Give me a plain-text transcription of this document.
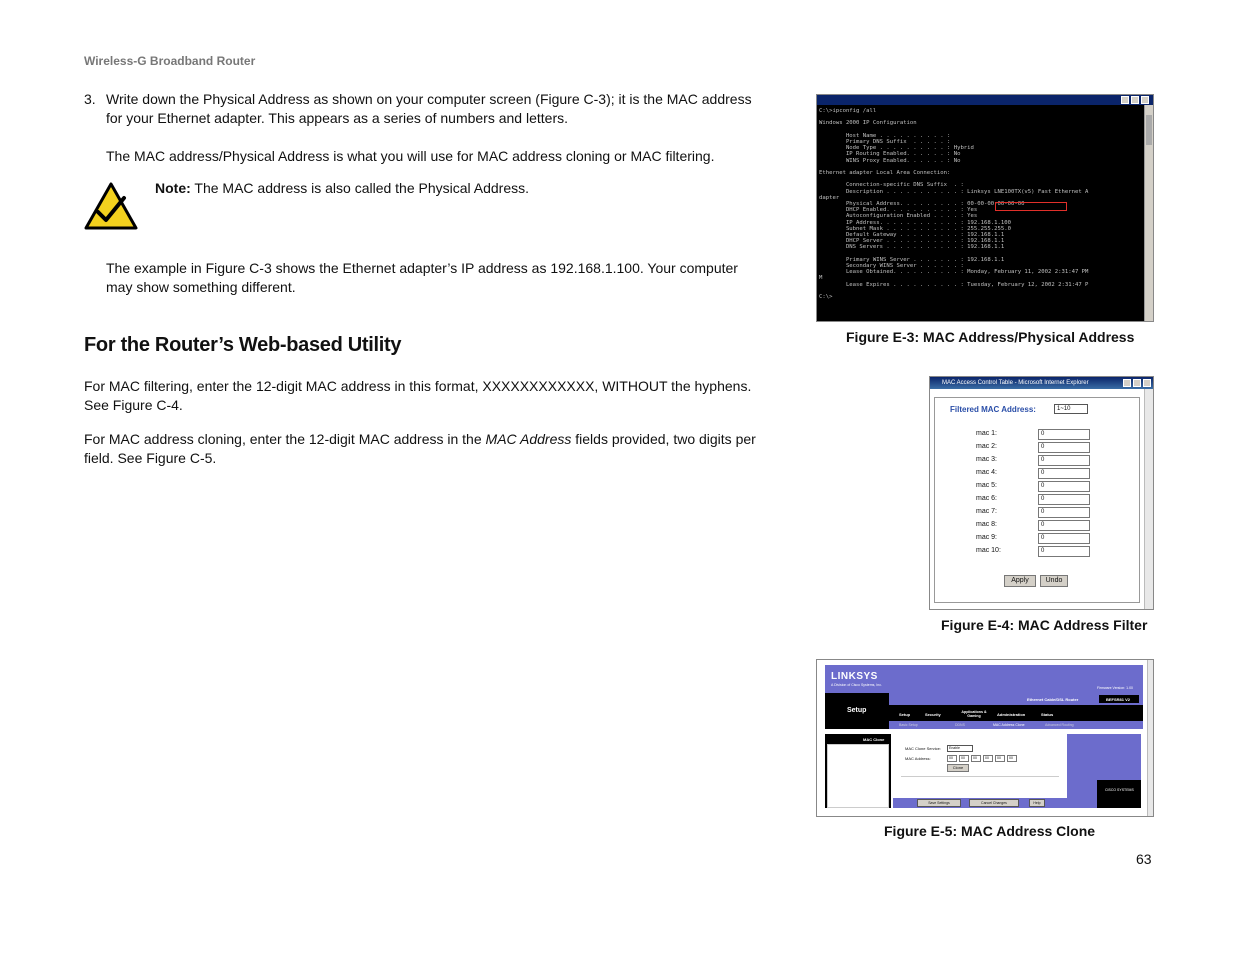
Wireless-G Broadband Router
3. Write down the Physical Address as shown on your computer screen (Figure C-3); it is the MAC address for your Ethernet adapter. This appears as a series of numbers and letters.
The MAC address/Physical Address is what you will use for MAC address cloning or MAC filtering.
Note: The MAC address is also called the Physical Address.
The example in Figure C-3 shows the Ethernet adapter’s IP address as 192.168.1.100. Your computer may show something different.
For the Router’s Web-based Utility
For MAC filtering, enter the 12-digit MAC address in this format, XXXXXXXXXXXX, WITHOUT the hyphens. See Figure C-4.
For MAC address cloning, enter the 12-digit MAC address in the MAC Address fields provided, two digits per field. See Figure C-5.
C:\>ipconfig /all

Windows 2000 IP Configuration

Host Name . . . . . . . . . . :
Primary DNS Suffix  . . . . . :
Node Type . . . . . . . . . . : Hybrid
IP Routing Enabled. . . . . . : No
WINS Proxy Enabled. . . . . . : No

Ethernet adapter Local Area Connection:

Connection-specific DNS Suffix  . :
Description . . . . . . . . . . . : Linksys LNE100TX(v5) Fast Ethernet A
dapter
Physical Address. . . . . . . . . : 00-00-00-00-00-00
DHCP Enabled. . . . . . . . . . . : Yes
Autoconfiguration Enabled . . . . : Yes
IP Address. . . . . . . . . . . . : 192.168.1.100
Subnet Mask . . . . . . . . . . . : 255.255.255.0
Default Gateway . . . . . . . . . : 192.168.1.1
DHCP Server . . . . . . . . . . . : 192.168.1.1
DNS Servers . . . . . . . . . . . : 192.168.1.1

Primary WINS Server . . . . . . . : 192.168.1.1
Secondary WINS Server . . . . . . :
Lease Obtained. . . . . . . . . . : Monday, February 11, 2002 2:31:47 PM
M
Lease Expires . . . . . . . . . . : Tuesday, February 12, 2002 2:31:47 P

C:\>
Figure E-3: MAC Address/Physical Address
MAC Access Control Table - Microsoft Internet Explorer
Filtered MAC Address:	1~10
mac 1:	0
mac 2:	0
mac 3:	0
mac 4:	0
mac 5:	0
mac 6:	0
mac 7:	0
mac 8:	0
mac 9:	0
mac 10:	0
Apply	Undo
Figure E-4: MAC Address Filter
LINKSYS
A Division of Cisco Systems, Inc.
Firmware Version: 1.00
Setup
Ethernet Cable/DSL Router	BEFSR81 V2
Setup	Security	Applications & Gaming	Administration	Status
Basic Setup	DDNS	MAC Address Clone	Advanced Routing
MAC Clone
MAC Clone Service:	Enable
MAC Address:	00	00	00	00	00	00
Clone
CISCO SYSTEMS
Save Settings	Cancel Changes	Help
Figure E-5: MAC Address Clone
63
